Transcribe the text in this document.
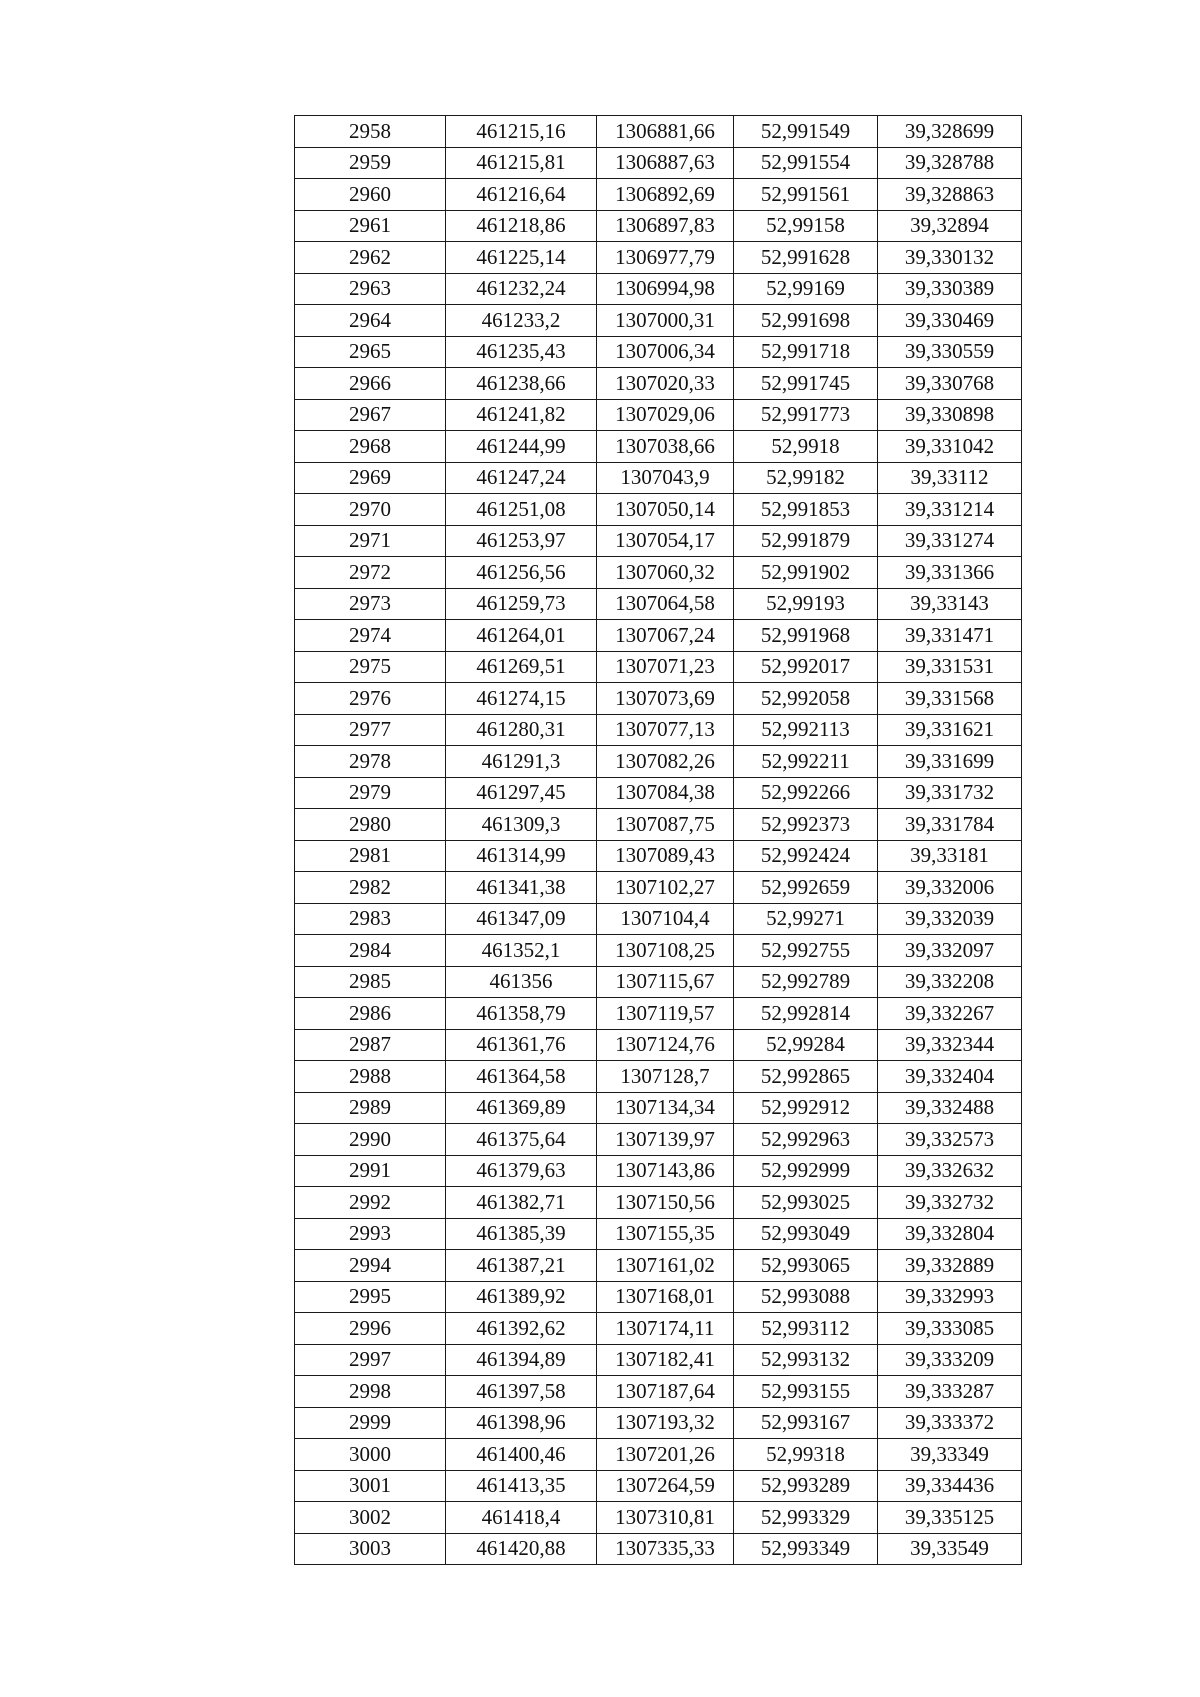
2958	461215,16	1306881,66	52,991549	39,328699
2959	461215,81	1306887,63	52,991554	39,328788
2960	461216,64	1306892,69	52,991561	39,328863
2961	461218,86	1306897,83	52,99158	39,32894
2962	461225,14	1306977,79	52,991628	39,330132
2963	461232,24	1306994,98	52,99169	39,330389
2964	461233,2	1307000,31	52,991698	39,330469
2965	461235,43	1307006,34	52,991718	39,330559
2966	461238,66	1307020,33	52,991745	39,330768
2967	461241,82	1307029,06	52,991773	39,330898
2968	461244,99	1307038,66	52,9918	39,331042
2969	461247,24	1307043,9	52,99182	39,33112
2970	461251,08	1307050,14	52,991853	39,331214
2971	461253,97	1307054,17	52,991879	39,331274
2972	461256,56	1307060,32	52,991902	39,331366
2973	461259,73	1307064,58	52,99193	39,33143
2974	461264,01	1307067,24	52,991968	39,331471
2975	461269,51	1307071,23	52,992017	39,331531
2976	461274,15	1307073,69	52,992058	39,331568
2977	461280,31	1307077,13	52,992113	39,331621
2978	461291,3	1307082,26	52,992211	39,331699
2979	461297,45	1307084,38	52,992266	39,331732
2980	461309,3	1307087,75	52,992373	39,331784
2981	461314,99	1307089,43	52,992424	39,33181
2982	461341,38	1307102,27	52,992659	39,332006
2983	461347,09	1307104,4	52,99271	39,332039
2984	461352,1	1307108,25	52,992755	39,332097
2985	461356	1307115,67	52,992789	39,332208
2986	461358,79	1307119,57	52,992814	39,332267
2987	461361,76	1307124,76	52,99284	39,332344
2988	461364,58	1307128,7	52,992865	39,332404
2989	461369,89	1307134,34	52,992912	39,332488
2990	461375,64	1307139,97	52,992963	39,332573
2991	461379,63	1307143,86	52,992999	39,332632
2992	461382,71	1307150,56	52,993025	39,332732
2993	461385,39	1307155,35	52,993049	39,332804
2994	461387,21	1307161,02	52,993065	39,332889
2995	461389,92	1307168,01	52,993088	39,332993
2996	461392,62	1307174,11	52,993112	39,333085
2997	461394,89	1307182,41	52,993132	39,333209
2998	461397,58	1307187,64	52,993155	39,333287
2999	461398,96	1307193,32	52,993167	39,333372
3000	461400,46	1307201,26	52,99318	39,33349
3001	461413,35	1307264,59	52,993289	39,334436
3002	461418,4	1307310,81	52,993329	39,335125
3003	461420,88	1307335,33	52,993349	39,33549
